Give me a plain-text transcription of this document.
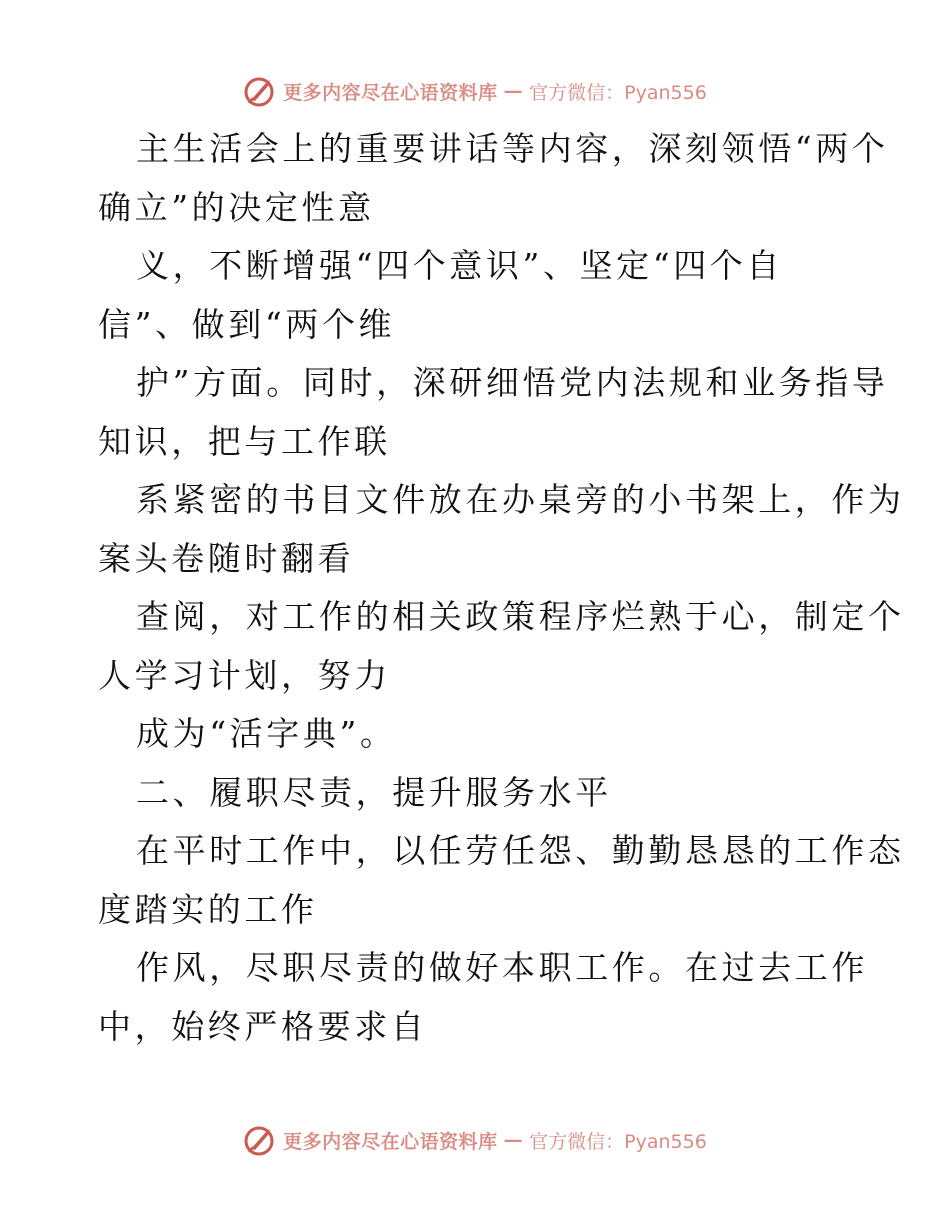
更多内容尽在心语资料库 — 官方微信：Pyan556
主生活会上的重要讲话等内容，深刻领悟“两个
确立”的决定性意
义，不断增强“四个意识”、坚定“四个自
信”、做到“两个维
护”方面。同时，深研细悟党内法规和业务指导
知识，把与工作联
系紧密的书目文件放在办桌旁的小书架上，作为
案头卷随时翻看
查阅，对工作的相关政策程序烂熟于心，制定个
人学习计划，努力
成为“活字典”。
二、履职尽责，提升服务水平
在平时工作中，以任劳任怨、勤勤恳恳的工作态
度踏实的工作
作风，尽职尽责的做好本职工作。在过去工作
中，始终严格要求自
更多内容尽在心语资料库 — 官方微信：Pyan556
